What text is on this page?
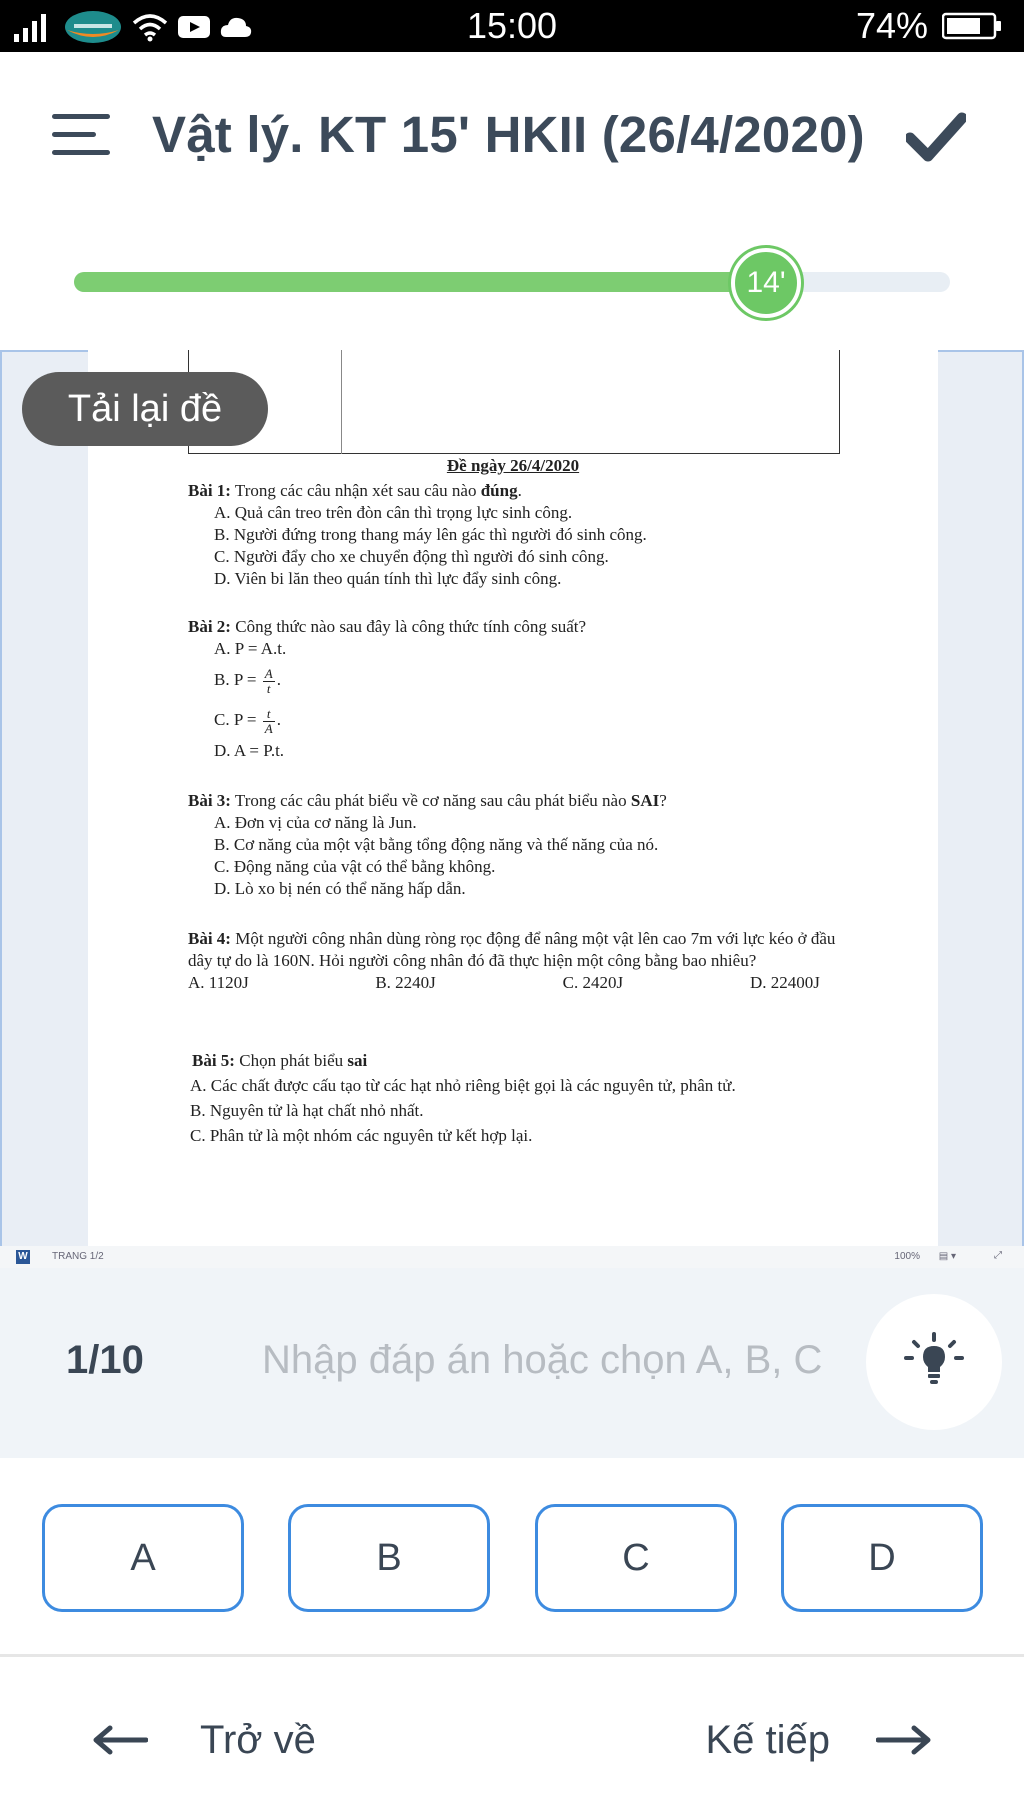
15:00	74%
Vật lý. KT 15' HKII (26/4/2020)
14'
Đề ngày 26/4/2020
Bài 1: Trong các câu nhận xét sau câu nào đúng.
A. Quả cân treo trên đòn cân thì trọng lực sinh công.
B. Người đứng trong thang máy lên gác thì người đó sinh công.
C. Người đẩy cho xe chuyển động thì người đó sinh công.
D. Viên bi lăn theo quán tính thì lực đẩy sinh công.
Bài 2: Công thức nào sau đây là công thức tính công suất?
A. P = A.t.
B. $P = \frac{A}{t}$ .
C. $P = \frac{t}{A}$ .
D. A = P.t.
Bài 3: Trong các câu phát biểu về cơ năng sau câu phát biểu nào SAI?
A. Đơn vị của cơ năng là Jun.
B. Cơ năng của một vật bằng tổng động năng và thế năng của nó.
C. Động năng của vật có thể bằng không.
D. Lò xo bị nén có thể năng hấp dẫn.
Bài 4: Một người công nhân dùng ròng rọc động để nâng một vật lên cao 7m với lực kéo ở đầu dây tự do là 160N. Hỏi người công nhân đó đã thực hiện một công bằng bao nhiêu?
A. 1120J	B. 2240J	C. 2420J	D. 22400J
Bài 5: Chọn phát biểu sai
A. Các chất được cấu tạo từ các hạt nhỏ riêng biệt gọi là các nguyên tử, phân tử.
B. Nguyên tử là hạt chất nhỏ nhất.
C. Phân tử là một nhóm các nguyên tử kết hợp lại.
W TRANG 1/2	100% ▤ ▾	⤢
Tải lại đề
1/10
Nhập đáp án hoặc chọn A, B, C
A	B	C	D
Trở về	Kế tiếp
